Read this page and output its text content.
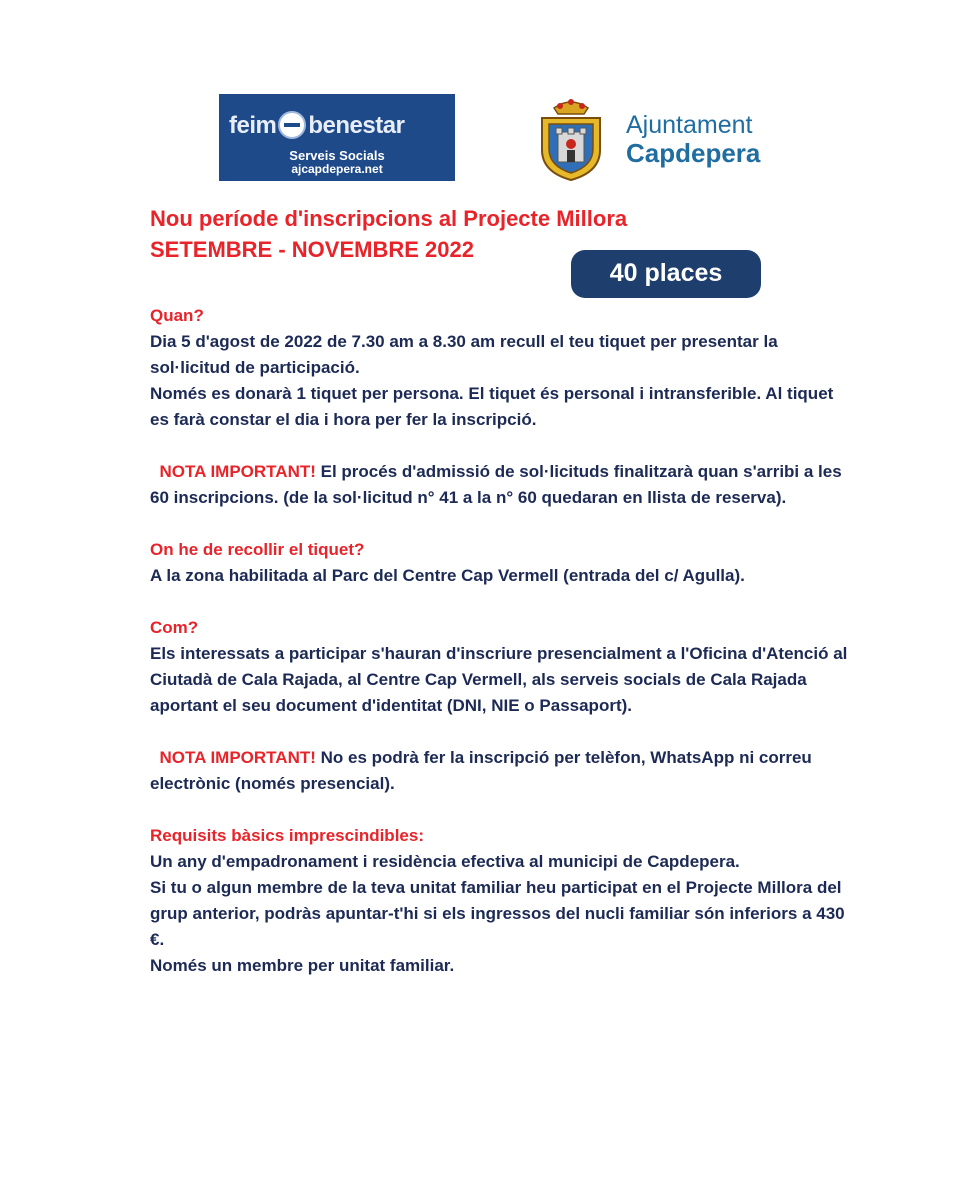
feim benestar
Serveis Socials
ajcapdepera.net
Ajuntament
Capdepera
Nou període d'inscripcions al Projecte Millora
SETEMBRE - NOVEMBRE 2022
40 places

Quan?

Dia 5 d'agost de 2022 de 7.30 am a 8.30 am recull el teu tiquet per presentar la sol·licitud de participació.

Només es donarà 1 tiquet per persona. El tiquet és personal i intransferible. Al tiquet es farà constar el dia i hora per fer la inscripció.

NOTA IMPORTANT! El procés d'admissió de sol·licituds finalitzarà quan s'arribi a les 60 inscripcions. (de la sol·licitud n° 41 a la n° 60 quedaran en llista de reserva).

On he de recollir el tiquet?

A la zona habilitada al Parc del Centre Cap Vermell (entrada del c/ Agulla).

Com?

Els interessats a participar s'hauran d'inscriure presencialment a l'Oficina d'Atenció al Ciutadà de Cala Rajada, al Centre Cap Vermell, als serveis socials de Cala Rajada aportant el seu document d'identitat (DNI, NIE o Passaport).

NOTA IMPORTANT! No es podrà fer la inscripció per telèfon, WhatsApp ni correu electrònic (només presencial).

Requisits bàsics imprescindibles:

Un any d'empadronament i residència efectiva al municipi de Capdepera.

Si tu o algun membre de la teva unitat familiar heu participat en el Projecte Millora del grup anterior, podràs apuntar-t'hi si els ingressos del nucli familiar són inferiors a 430 €.

Només un membre per unitat familiar.
